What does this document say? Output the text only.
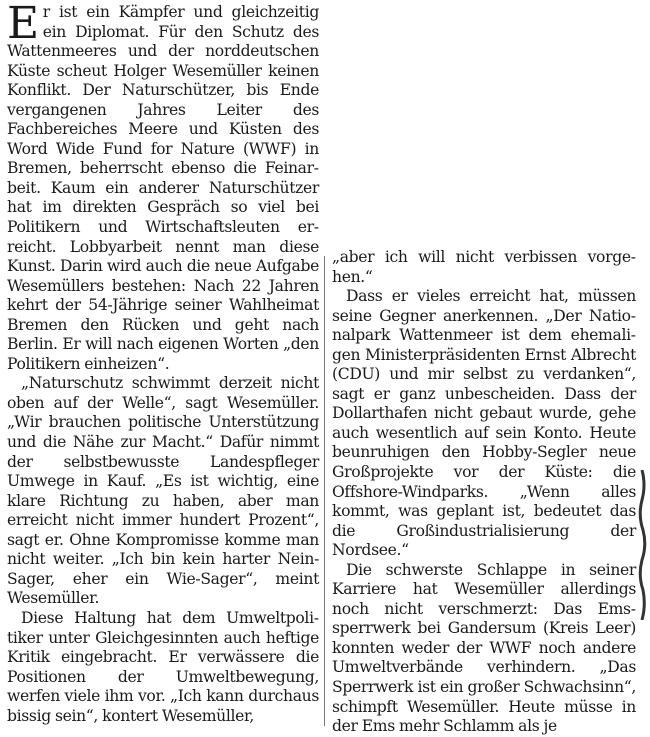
Er ist ein Kämpfer und gleichzeitig ein Diplomat. Für den Schutz des Wattenmeeres und der norddeutschen Küste scheut Holger Wesemüller keinen Konflikt. Der Naturschützer, bis Ende vergangenen Jahres Leiter des Fachbereiches Meere und Küsten des Word Wide Fund for Nature (WWF) in Bremen, beherrscht ebenso die Feinarbeit. Kaum ein anderer Naturschützer hat im direkten Gespräch so viel bei Politikern und Wirtschaftsleuten erreicht. Lobbyarbeit nennt man diese Kunst. Darin wird auch die neue Aufgabe Wesemüllers bestehen: Nach 22 Jahren kehrt der 54-Jährige seiner Wahlheimat Bremen den Rücken und geht nach Berlin. Er will nach eigenen Worten „den Politikern einheizen“.

„Naturschutz schwimmt derzeit nicht oben auf der Welle“, sagt Wesemüller. „Wir brauchen politische Unterstützung und die Nähe zur Macht.“ Dafür nimmt der selbstbewusste Landespfleger Umwege in Kauf. „Es ist wichtig, eine klare Richtung zu haben, aber man erreicht nicht immer hundert Prozent“, sagt er. Ohne Kompromisse komme man nicht weiter. „Ich bin kein harter Nein-Sager, eher ein Wie-Sager“, meint Wesemüller.

Diese Haltung hat dem Umweltpolitiker unter Gleichgesinnten auch heftige Kritik eingebracht. Er verwässere die Positionen der Umweltbewegung, werfen viele ihm vor. „Ich kann durchaus bissig sein“, kontert Wesemüller,

„aber ich will nicht verbissen vorgehen.“

Dass er vieles erreicht hat, müssen seine Gegner anerkennen. „Der Nationalpark Wattenmeer ist dem ehemaligen Ministerpräsidenten Ernst Albrecht (CDU) und mir selbst zu verdanken“, sagt er ganz unbescheiden. Dass der Dollarthafen nicht gebaut wurde, gehe auch wesentlich auf sein Konto. Heute beunruhigen den Hobby-Segler neue Großprojekte vor der Küste: die Offshore-Windparks. „Wenn alles kommt, was geplant ist, bedeutet das die Großindustrialisierung der Nordsee.“

Die schwerste Schlappe in seiner Karriere hat Wesemüller allerdings noch nicht verschmerzt: Das Emssperrwerk bei Gandersum (Kreis Leer) konnten weder der WWF noch andere Umweltverbände verhindern. „Das Sperrwerk ist ein großer Schwachsinn“, schimpft Wesemüller. Heute müsse in der Ems mehr Schlamm als je
